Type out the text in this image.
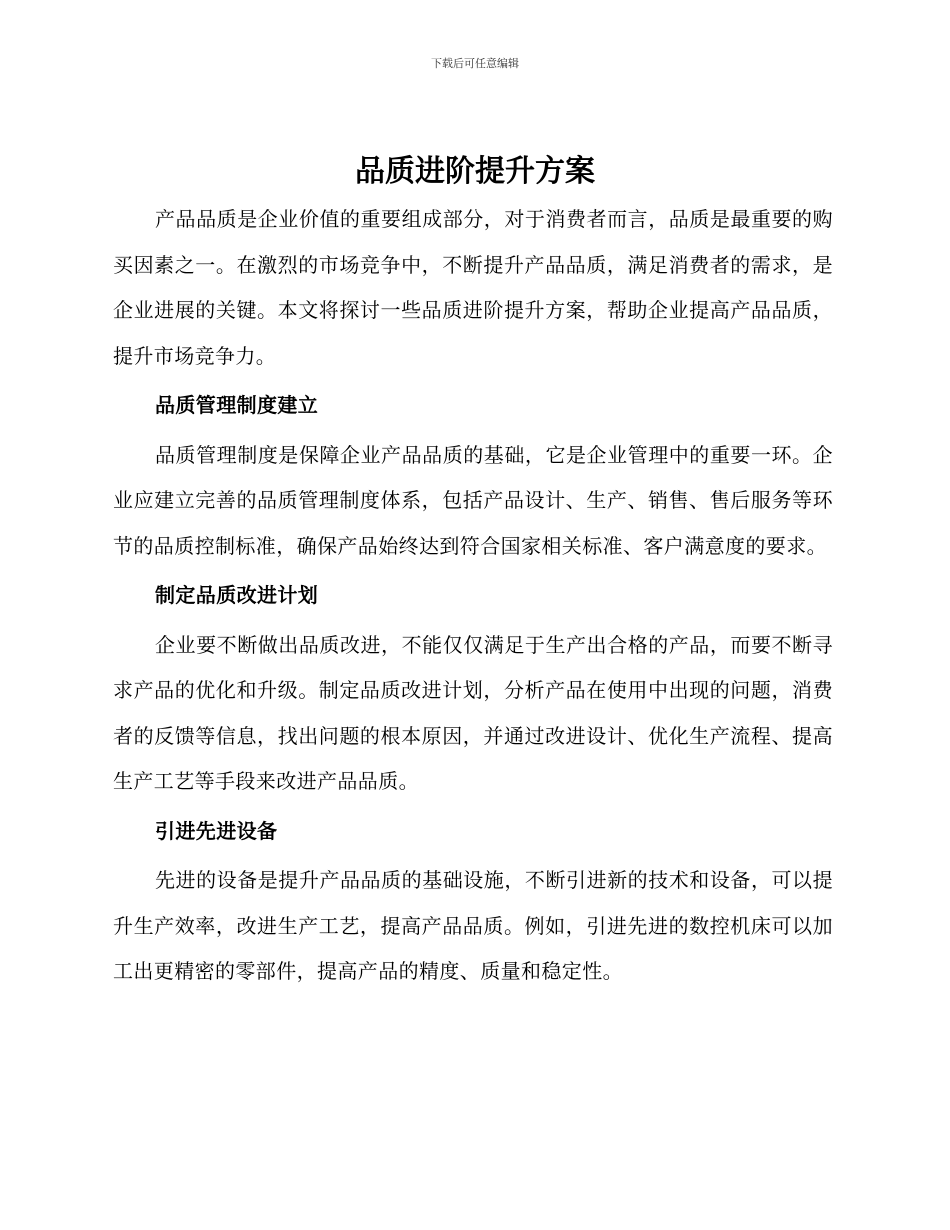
下载后可任意编辑
品质进阶提升方案

产品品质是企业价值的重要组成部分，对于消费者而言，品质是最重要的购买因素之一。在激烈的市场竞争中，不断提升产品品质，满足消费者的需求，是企业进展的关键。本文将探讨一些品质进阶提升方案，帮助企业提高产品品质，提升市场竞争力。

品质管理制度建立

品质管理制度是保障企业产品品质的基础，它是企业管理中的重要一环。企业应建立完善的品质管理制度体系，包括产品设计、生产、销售、售后服务等环节的品质控制标准，确保产品始终达到符合国家相关标准、客户满意度的要求。

制定品质改进计划

企业要不断做出品质改进，不能仅仅满足于生产出合格的产品，而要不断寻求产品的优化和升级。制定品质改进计划，分析产品在使用中出现的问题，消费者的反馈等信息，找出问题的根本原因，并通过改进设计、优化生产流程、提高生产工艺等手段来改进产品品质。

引进先进设备

先进的设备是提升产品品质的基础设施，不断引进新的技术和设备，可以提升生产效率，改进生产工艺，提高产品品质。例如，引进先进的数控机床可以加工出更精密的零部件，提高产品的精度、质量和稳定性。
